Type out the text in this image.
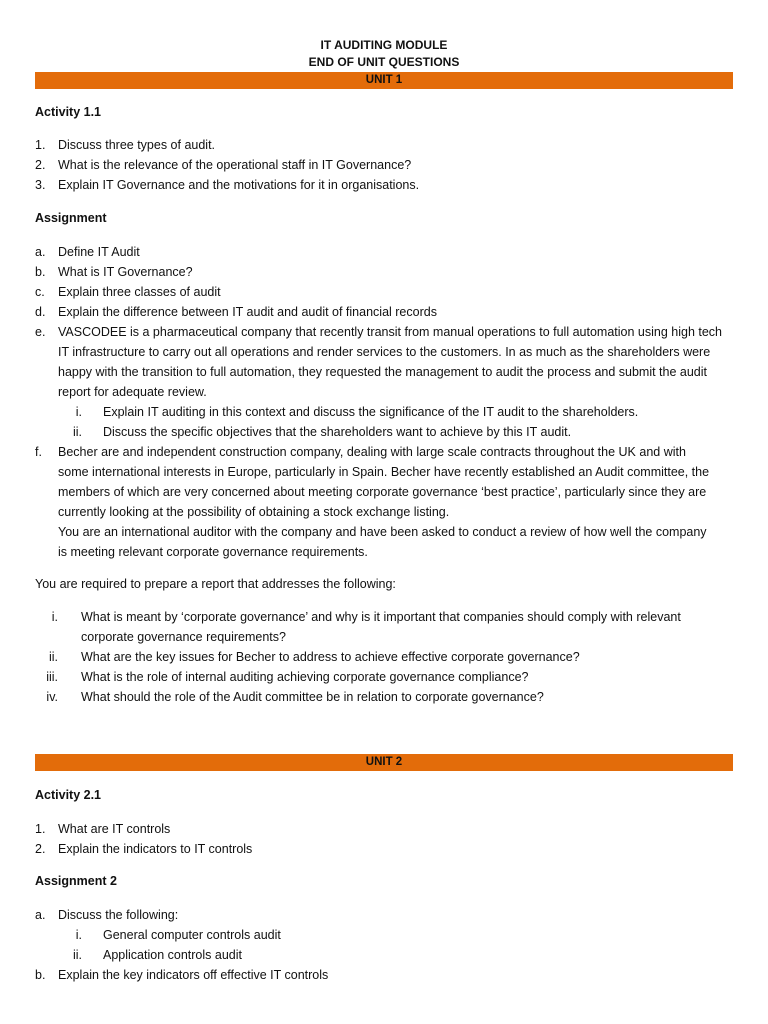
IT AUDITING MODULE
END OF UNIT QUESTIONS
UNIT 1
Activity 1.1
1. Discuss three types of audit.
2. What is the relevance of the operational staff in IT Governance?
3. Explain IT Governance and the motivations for it in organisations.
Assignment
a. Define IT Audit
b. What is IT Governance?
c. Explain three classes of audit
d. Explain the difference between IT audit and audit of financial records
e. VASCODEE is a pharmaceutical company that recently transit from manual operations to full automation using high tech
IT infrastructure to carry out all operations and render services to the customers. In as much as the shareholders were
happy with the transition to full automation, they requested the management to audit the process and submit the audit
report for adequate review.
i. Explain IT auditing in this context and discuss the significance of the IT audit to the shareholders.
ii. Discuss the specific objectives that the shareholders want to achieve by this IT audit.
f. Becher are and independent construction company, dealing with large scale contracts throughout the UK and with
some international interests in Europe, particularly in Spain. Becher have recently established an Audit committee, the
members of which are very concerned about meeting corporate governance ‘best practice’, particularly since they are
currently looking at the possibility of obtaining a stock exchange listing.
You are an international auditor with the company and have been asked to conduct a review of how well the company
is meeting relevant corporate governance requirements.
You are required to prepare a report that addresses the following:
i. What is meant by ‘corporate governance’ and why is it important that companies should comply with relevant
corporate governance requirements?
ii. What are the key issues for Becher to address to achieve effective corporate governance?
iii. What is the role of internal auditing achieving corporate governance compliance?
iv. What should the role of the Audit committee be in relation to corporate governance?
UNIT 2
Activity 2.1
1. What are IT controls
2. Explain the indicators to IT controls
Assignment 2
a. Discuss the following:
i. General computer controls audit
ii. Application controls audit
b. Explain the key indicators off effective IT controls
